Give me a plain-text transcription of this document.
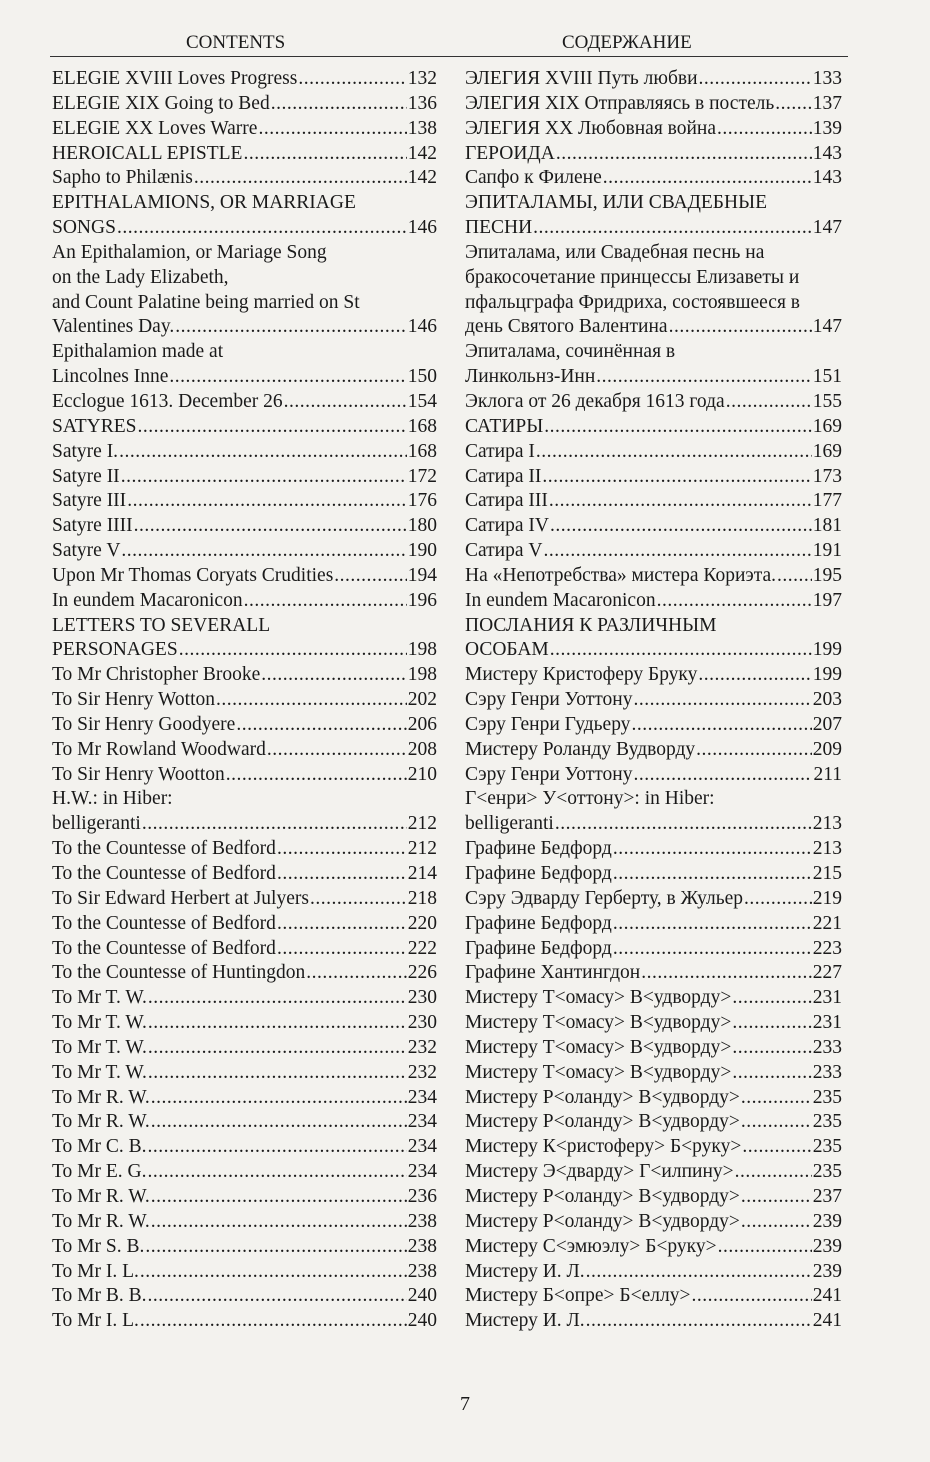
CONTENTS	СОДЕРЖАНИЕ
ELEGIE XVIII Loves Progress .....	132
ELEGIE XIX Going to Bed .....	136
ELEGIE XX Loves Warre .....	138
HEROICALL EPISTLE .....	142
Sapho to Philænis .....	142
EPITHALAMIONS, OR MARRIAGE
SONGS .....	146
An Epithalamion, or Mariage Song
on the Lady Elizabeth,
and Count Palatine being married on St
Valentines Day. .....	146
Epithalamion made at
Lincolnes Inne .....	150
Ecclogue 1613. December 26 .....	154
SATYRES .....	168
Satyre I. .....	168
Satyre II .....	172
Satyre III .....	176
Satyre IIII .....	180
Satyre V .....	190
Upon Mr Thomas Coryats Crudities .....	194
In eundem Macaronicon .....	196
LETTERS TO SEVERALL
PERSONAGES .....	198
To Mr Christopher Brooke .....	198
To Sir Henry Wotton .....	202
To Sir Henry Goodyere .....	206
To Mr Rowland Woodward .....	208
To Sir Henry Wootton .....	210
H.W.: in Hiber:
belligeranti .....	212
To the Countesse of Bedford .....	212
To the Countesse of Bedford .....	214
To Sir Edward Herbert at Julyers .....	218
To the Countesse of Bedford .....	220
To the Countesse of Bedford .....	222
To the Countesse of Huntingdon .....	226
To Mr T. W. .....	230
To Mr T. W. .....	230
To Mr T. W. .....	232
To Mr T. W. .....	232
To Mr R. W. .....	234
To Mr R. W. .....	234
To Mr C. B. .....	234
To Mr E. G. .....	234
To Mr R. W. .....	236
To Mr R. W. .....	238
To Mr S. B. .....	238
To Mr I. L. .....	238
To Mr B. B. .....	240
To Mr I. L. .....	240
ЭЛЕГИЯ XVIII Путь любви .....	133
ЭЛЕГИЯ XIX Отправляясь в постель ..... 137
ЭЛЕГИЯ XX Любовная война .....	139
ГЕРОИДА .....	143
Сапфо к Филене .....	143
ЭПИТАЛАМЫ, ИЛИ СВАДЕБНЫЕ
ПЕСНИ .....	147
Эпиталама, или Свадебная песнь на
бракосочетание принцессы Елизаветы и
пфальцграфа Фридриха, состоявшееся в
день Святого Валентина .....	147
Эпиталама, сочинённая в
Линкольнз-Инн .....	151
Эклога от 26 декабря 1613 года .....	155
САТИРЫ .....	169
Сатира I .....	169
Сатира II .....	173
Сатира III .....	177
Сатира IV .....	181
Сатира V .....	191
На «Непотребства» мистера Кориэта. ..... 195
In eundem Macaronicon .....	197
ПОСЛАНИЯ К РАЗЛИЧНЫМ
ОСОБАМ .....	199
Мистеру Кристоферу Бруку .....	199
Сэру Генри Уоттону .....	203
Сэру Генри Гудьеру .....	207
Мистеру Роланду Вудворду .....	209
Сэру Генри Уоттону .....	211
Г<енри> У<оттону>: in Hiber:
belligeranti .....	213
Графине Бедфорд .....	213
Графине Бедфорд .....	215
Сэру Эдварду Герберту, в Жульер .....	219
Графине Бедфорд .....	221
Графине Бедфорд .....	223
Графине Хантингдон .....	227
Мистеру Т<омасу> В<удворду> .....	231
Мистеру Т<омасу> В<удворду> .....	231
Мистеру Т<омасу> В<удворду> .....	233
Мистеру Т<омасу> В<удворду> .....	233
Мистеру Р<оланду> В<удворду> .....	235
Мистеру Р<оланду> В<удворду> .....	235
Мистеру К<ристоферу> Б<руку> .....	235
Мистеру Э<дварду> Г<илпину> .....	235
Мистеру Р<оланду> В<удворду> .....	237
Мистеру Р<оланду> В<удворду> .....	239
Мистеру С<эмюэлу> Б<руку> .....	239
Мистеру И. Л. .....	239
Мистеру Б<опре> Б<еллу> .....	241
Мистеру И. Л. .....	241
7
